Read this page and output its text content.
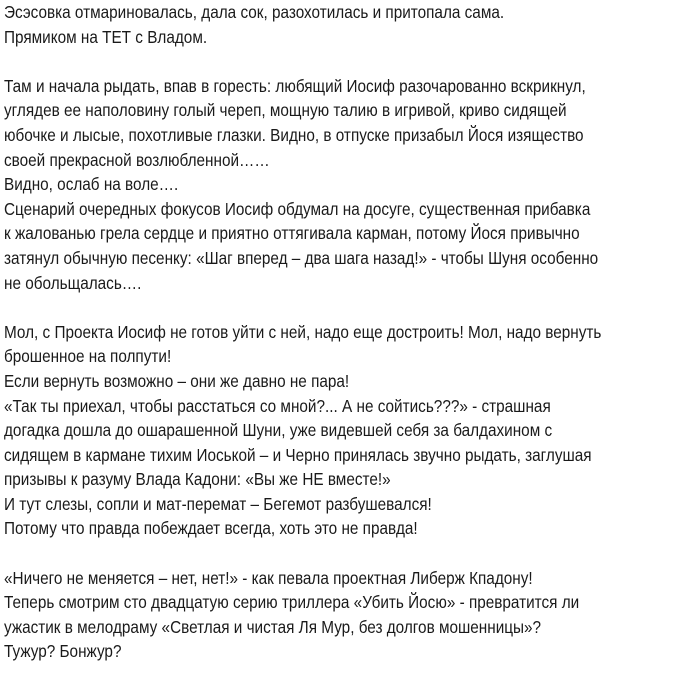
Эсэсовка отмариновалась, дала сок, разохотилась и притопала сама.
Прямиком на ТЕТ с Владом.
Там и начала рыдать, впав в горесть: любящий Иосиф разочарованно вскрикнул,
углядев ее наполовину голый череп, мощную талию в игривой, криво сидящей
юбочке и лысые, похотливые глазки. Видно, в отпуске призабыл Йося изящество
своей прекрасной возлюбленной……
Видно, ослаб на воле….
Сценарий очередных фокусов Иосиф обдумал на досуге, существенная прибавка
к жалованью грела сердце и приятно оттягивала карман, потому Йося привычно
затянул обычную песенку: «Шаг вперед – два шага назад!» - чтобы Шуня особенно
не обольщалась….
Мол, с Проекта Иосиф не готов уйти с ней, надо еще достроить! Мол, надо вернуть
брошенное на полпути!
Если вернуть возможно – они же давно не пара!
«Так ты приехал, чтобы расстаться со мной?... А не сойтись???» - страшная
догадка дошла до ошарашенной Шуни, уже видевшей себя за балдахином с
сидящем в кармане тихим Иоськой – и Черно принялась звучно рыдать, заглушая
призывы к разуму Влада Кадони: «Вы же НЕ вместе!»
И тут слезы, сопли и мат-перемат – Бегемот разбушевался!
Потому что правда побеждает всегда, хоть это не правда!
«Ничего не меняется – нет, нет!» - как певала проектная Либерж Кпадону!
Теперь смотрим сто двадцатую серию триллера «Убить Йосю» - превратится ли
ужастик в мелодраму «Светлая и чистая Ля Мур, без долгов мошенницы»?
Тужур? Бонжур?
